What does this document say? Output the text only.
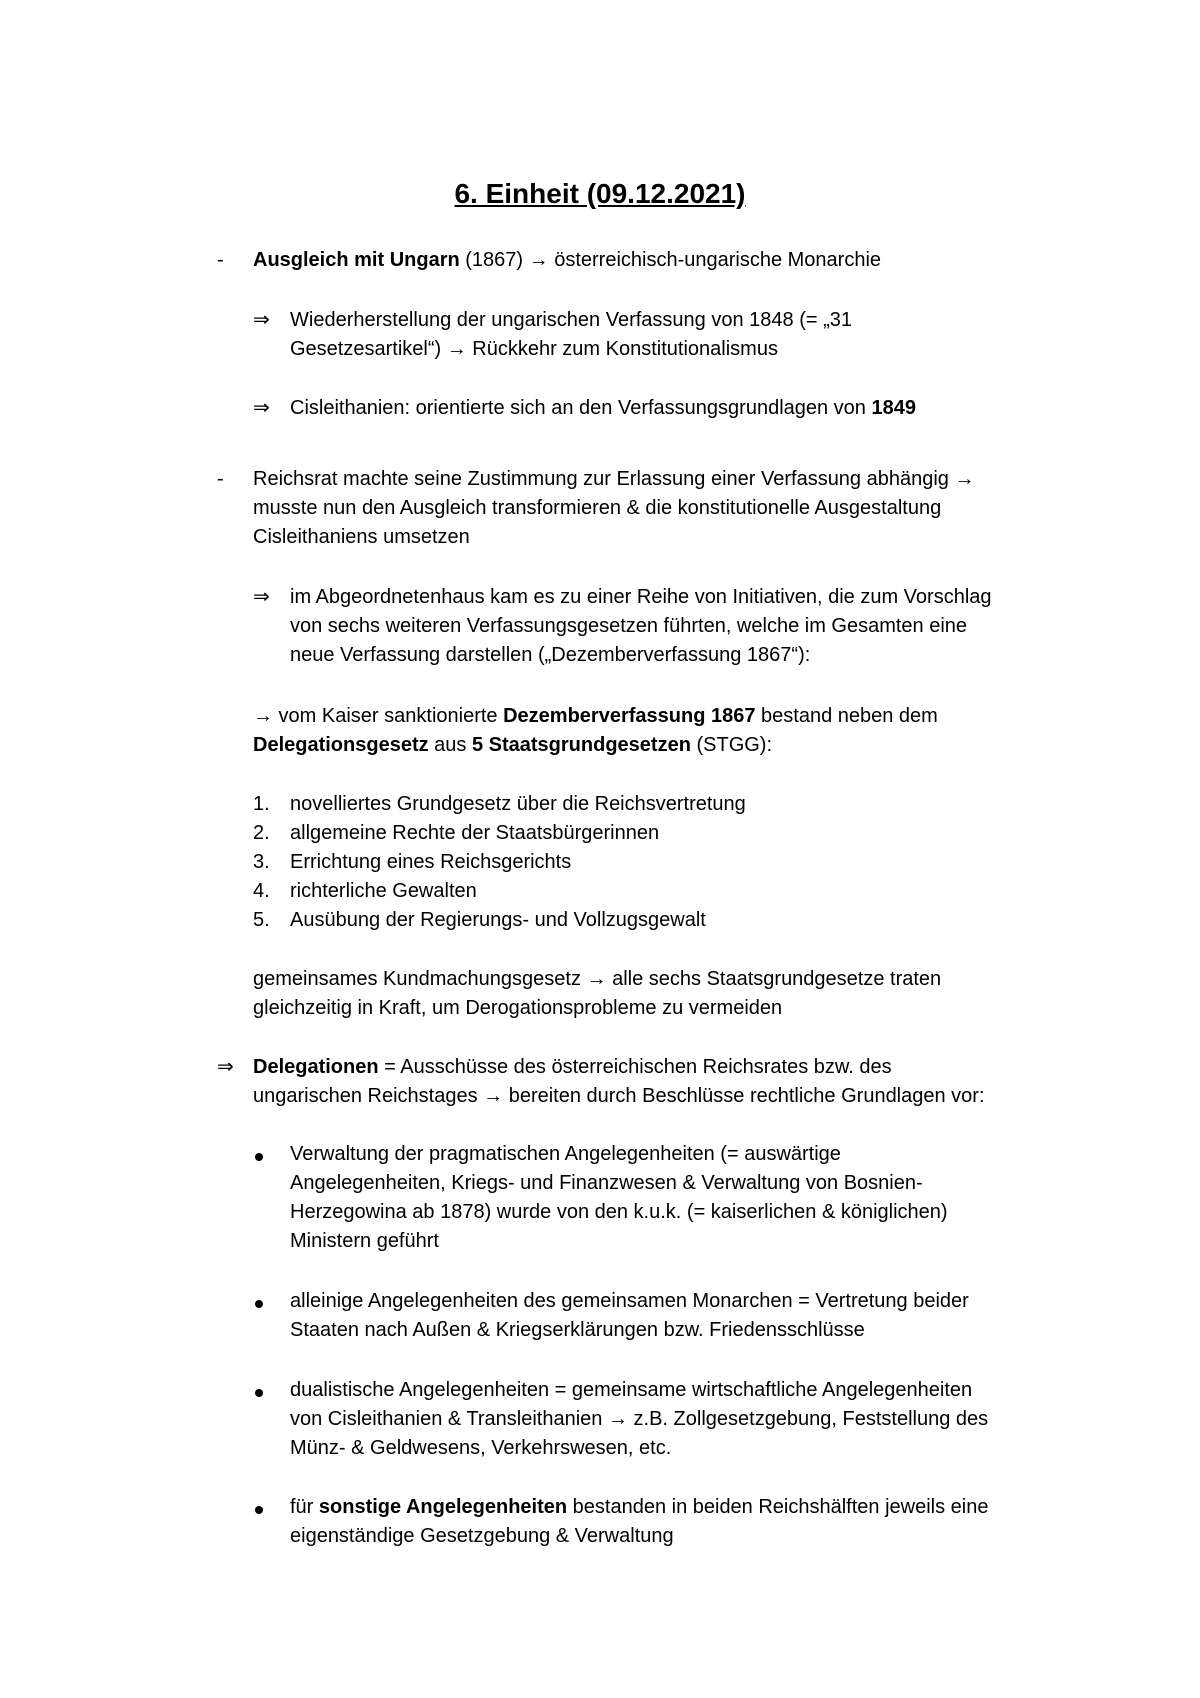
6. Einheit (09.12.2021)
- Ausgleich mit Ungarn (1867) → österreichisch-ungarische Monarchie
⇒ Wiederherstellung der ungarischen Verfassung von 1848 (= „31
Gesetzesartikel“) → Rückkehr zum Konstitutionalismus
⇒ Cisleithanien: orientierte sich an den Verfassungsgrundlagen von 1849
- Reichsrat machte seine Zustimmung zur Erlassung einer Verfassung abhängig →
musste nun den Ausgleich transformieren & die konstitutionelle Ausgestaltung
Cisleithaniens umsetzen
⇒ im Abgeordnetenhaus kam es zu einer Reihe von Initiativen, die zum Vorschlag
von sechs weiteren Verfassungsgesetzen führten, welche im Gesamten eine
neue Verfassung darstellen („Dezemberverfassung 1867“):
→ vom Kaiser sanktionierte Dezemberverfassung 1867 bestand neben dem
Delegationsgesetz aus 5 Staatsgrundgesetzen (STGG):
1. novelliertes Grundgesetz über die Reichsvertretung
2. allgemeine Rechte der Staatsbürgerinnen
3. Errichtung eines Reichsgerichts
4. richterliche Gewalten
5. Ausübung der Regierungs- und Vollzugsgewalt
gemeinsames Kundmachungsgesetz → alle sechs Staatsgrundgesetze traten
gleichzeitig in Kraft, um Derogationsprobleme zu vermeiden
⇒ Delegationen = Ausschüsse des österreichischen Reichsrates bzw. des
ungarischen Reichstages → bereiten durch Beschlüsse rechtliche Grundlagen vor:
Verwaltung der pragmatischen Angelegenheiten (= auswärtige
Angelegenheiten, Kriegs- und Finanzwesen & Verwaltung von Bosnien-
Herzegowina ab 1878) wurde von den k.u.k. (= kaiserlichen & königlichen)
Ministern geführt
alleinige Angelegenheiten des gemeinsamen Monarchen = Vertretung beider
Staaten nach Außen & Kriegserklärungen bzw. Friedensschlüsse
dualistische Angelegenheiten = gemeinsame wirtschaftliche Angelegenheiten
von Cisleithanien & Transleithanien → z.B. Zollgesetzgebung, Feststellung des
Münz- & Geldwesens, Verkehrswesen, etc.
für sonstige Angelegenheiten bestanden in beiden Reichshälften jeweils eine
eigenständige Gesetzgebung & Verwaltung
